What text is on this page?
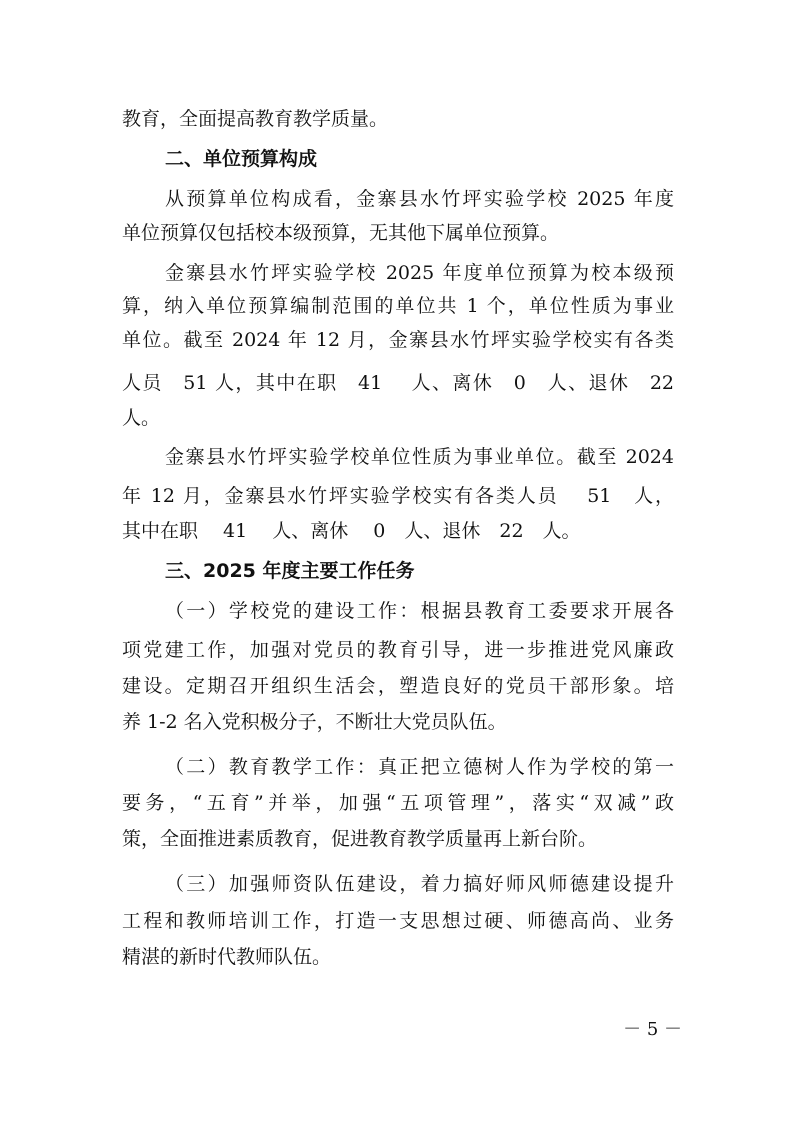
教育，全面提高教育教学质量。
二、单位预算构成
从预算单位构成看，金寨县水竹坪实验学校 2025 年度
单位预算仅包括校本级预算，无其他下属单位预算。
金寨县水竹坪实验学校 2025 年度单位预算为校本级预
算，纳入单位预算编制范围的单位共 1 个，单位性质为事业
单位。截至 2024 年 12 月，金寨县水竹坪实验学校实有各类
人员　51 人，其中在职　41　 人、离休　0　人、退休　22
人。
金寨县水竹坪实验学校单位性质为事业单位。截至 2024
年 12 月，金寨县水竹坪实验学校实有各类人员　 51　人，
其中在职　 41　 人、离休　 0　人、退休　22　人。
三、2025 年度主要工作任务
（一）学校党的建设工作：根据县教育工委要求开展各
项党建工作，加强对党员的教育引导，进一步推进党风廉政
建设。定期召开组织生活会，塑造良好的党员干部形象。培
养 1-2 名入党积极分子，不断壮大党员队伍。
（二）教育教学工作：真正把立德树人作为学校的第一
要务，“五育”并举，加强“五项管理”，落实“双减”政
策，全面推进素质教育，促进教育教学质量再上新台阶。
（三）加强师资队伍建设，着力搞好师风师德建设提升
工程和教师培训工作，打造一支思想过硬、师德高尚、业务
精湛的新时代教师队伍。
－ 5 －
